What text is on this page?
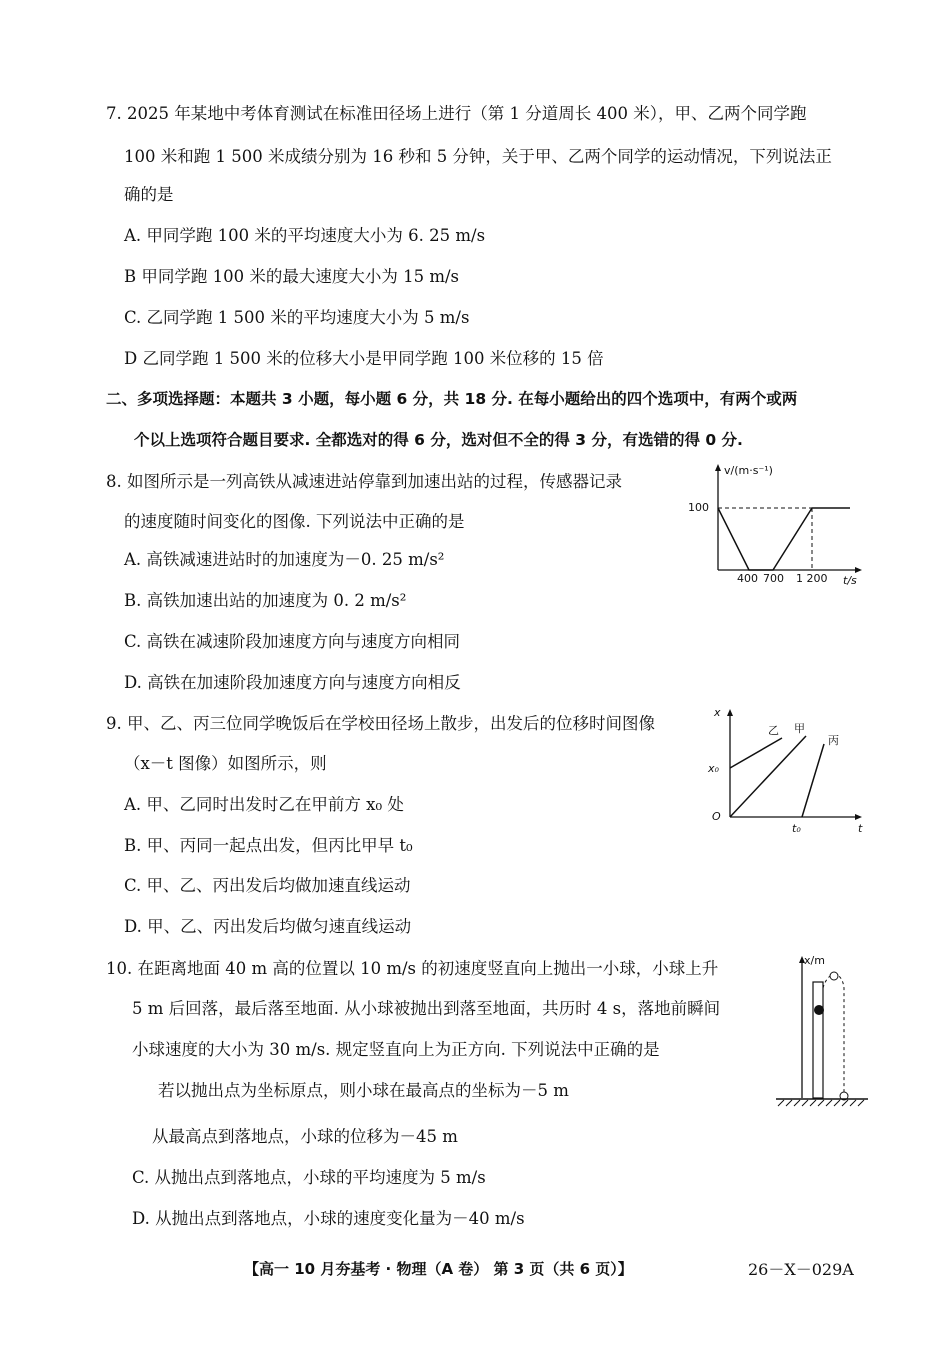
7. 2025 年某地中考体育测试在标准田径场上进行（第 1 分道周长 400 米），甲、乙两个同学跑
100 米和跑 1 500 米成绩分别为 16 秒和 5 分钟，关于甲、乙两个同学的运动情况，下列说法正
确的是
A. 甲同学跑 100 米的平均速度大小为 6. 25 m/s
B 甲同学跑 100 米的最大速度大小为 15 m/s
C. 乙同学跑 1 500 米的平均速度大小为 5 m/s
D 乙同学跑 1 500 米的位移大小是甲同学跑 100 米位移的 15 倍
二、多项选择题：本题共 3 小题，每小题 6 分，共 18 分. 在每小题给出的四个选项中，有两个或两
个以上选项符合题目要求. 全都选对的得 6 分，选对但不全的得 3 分，有选错的得 0 分.
8. 如图所示是一列高铁从减速进站停靠到加速出站的过程，传感器记录
的速度随时间变化的图像. 下列说法中正确的是
A. 高铁减速进站时的加速度为－0. 25 m/s²
B. 高铁加速出站的加速度为 0. 2 m/s²
C. 高铁在减速阶段加速度方向与速度方向相同
D. 高铁在加速阶段加速度方向与速度方向相反
v/(m·s⁻¹)
100
400 700 1 200 t/s
9. 甲、乙、丙三位同学晚饭后在学校田径场上散步，出发后的位移时间图像
（x－t 图像）如图所示，则
A. 甲、乙同时出发时乙在甲前方 x₀ 处
B. 甲、丙同一起点出发，但丙比甲早 t₀
C. 甲、乙、丙出发后均做加速直线运动
D. 甲、乙、丙出发后均做匀速直线运动
x
t
O
x₀
t₀
乙 甲
丙
10. 在距离地面 40 m 高的位置以 10 m/s 的初速度竖直向上抛出一小球，小球上升
5 m 后回落，最后落至地面. 从小球被抛出到落至地面，共历时 4 s，落地前瞬间
小球速度的大小为 30 m/s. 规定竖直向上为正方向. 下列说法中正确的是
若以抛出点为坐标原点，则小球在最高点的坐标为－5 m
从最高点到落地点，小球的位移为－45 m
C. 从抛出点到落地点，小球的平均速度为 5 m/s
D. 从抛出点到落地点，小球的速度变化量为－40 m/s
x/m
【高一 10 月夯基考 · 物理（A 卷） 第 3 页（共 6 页）】	26－X－029A
